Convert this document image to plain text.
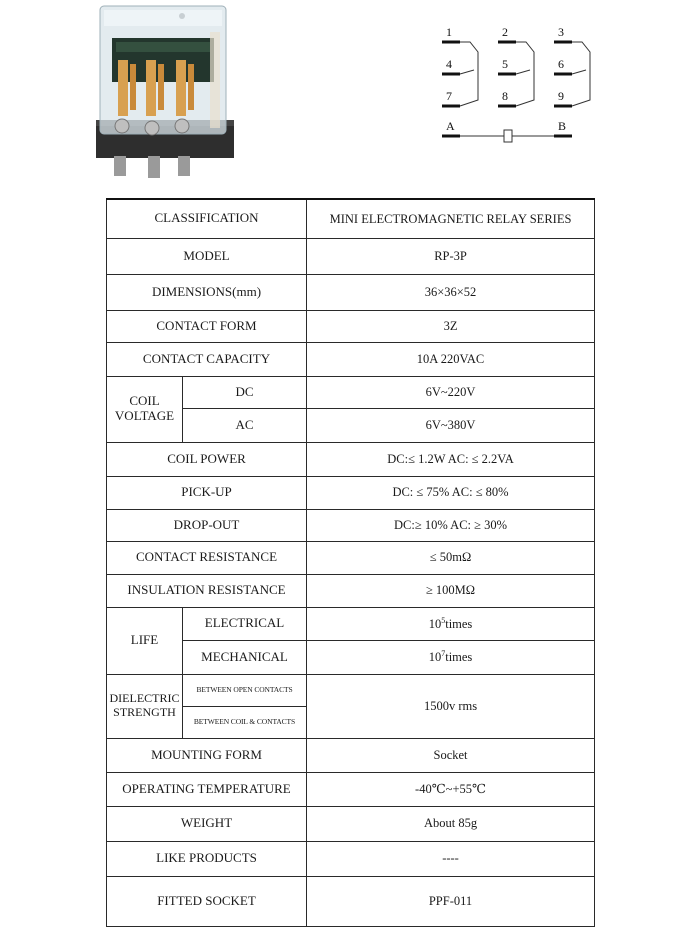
1	2	3
4	5	6
7	8	9
A	B
CLASSIFICATION		MINI ELECTROMAGNETIC RELAY SERIES
MODEL		RP-3P
DIMENSIONS(mm)		36×36×52
CONTACT FORM		3Z
CONTACT CAPACITY		10A 220VAC
COIL VOLTAGE	DC	6V~220V
	AC	6V~380V
COIL POWER		DC:≤ 1.2W AC: ≤ 2.2VA
PICK-UP		DC: ≤ 75% AC: ≤ 80%
DROP-OUT		DC:≥ 10% AC: ≥ 30%
CONTACT RESISTANCE		≤ 50mΩ
INSULATION RESISTANCE		≥ 100MΩ
LIFE	ELECTRICAL	$10^5times$
	MECHANICAL	$10^7times$
DIELECTRIC STRENGTH	BETWEEN OPEN CONTACTS	1500v rms
	BETWEEN COIL & CONTACTS	
MOUNTING FORM		Socket
OPERATING TEMPERATURE		-40℃~+55℃
WEIGHT		About 85g
LIKE PRODUCTS		----
FITTED SOCKET		PPF-011
